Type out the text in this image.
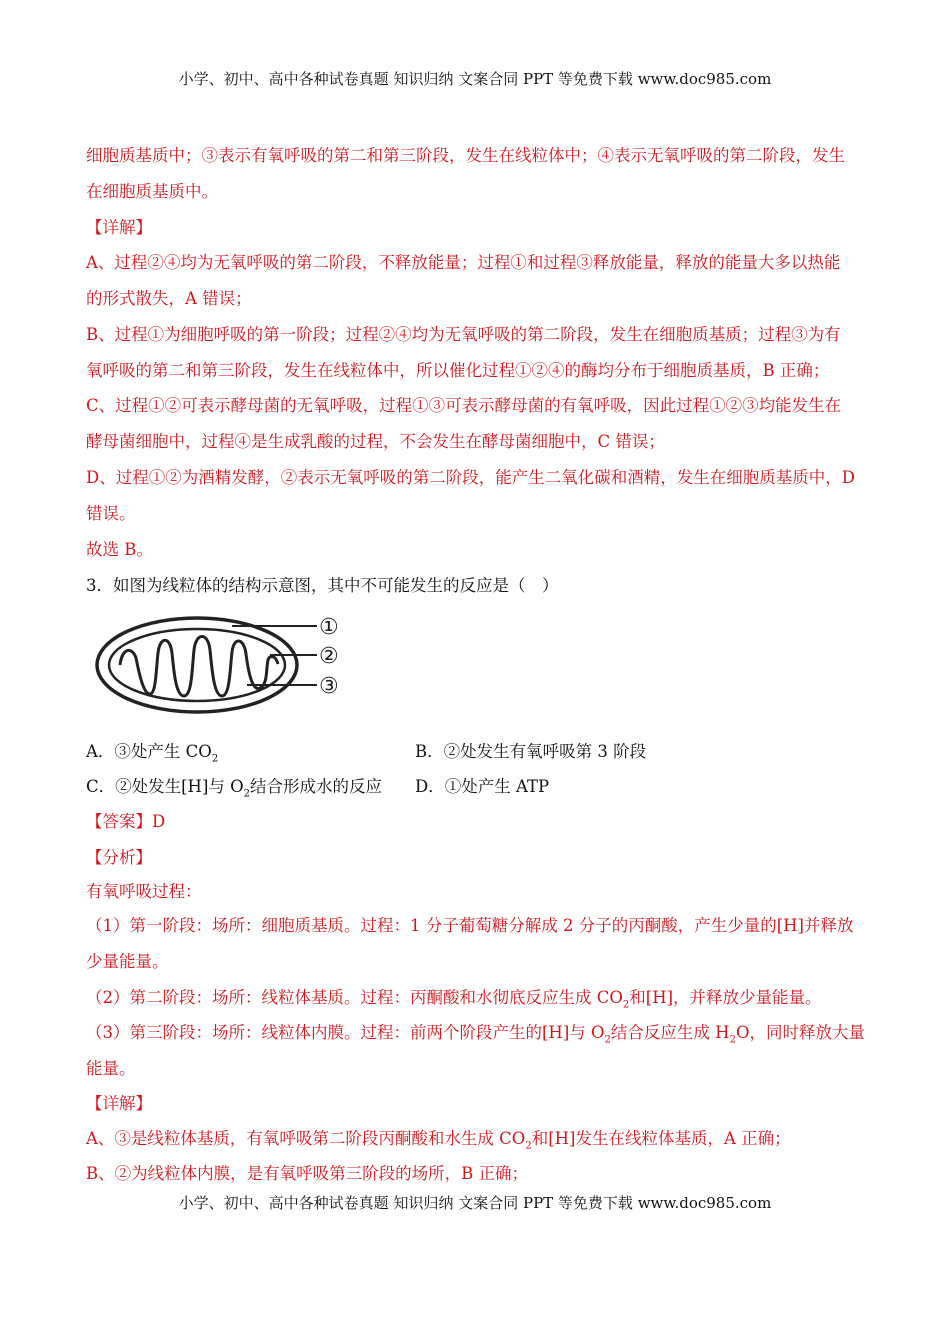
小学、初中、高中各种试卷真题 知识归纳 文案合同 PPT 等免费下载 www.doc985.com
细胞质基质中；③表示有氧呼吸的第二和第三阶段，发生在线粒体中；④表示无氧呼吸的第二阶段，发生
在细胞质基质中。
【详解】
A、过程②④均为无氧呼吸的第二阶段，不释放能量；过程①和过程③释放能量，释放的能量大多以热能
的形式散失，A 错误；
B、过程①为细胞呼吸的第一阶段；过程②④均为无氧呼吸的第二阶段，发生在细胞质基质；过程③为有
氧呼吸的第二和第三阶段，发生在线粒体中，所以催化过程①②④的酶均分布于细胞质基质，B 正确；
C、过程①②可表示酵母菌的无氧呼吸，过程①③可表示酵母菌的有氧呼吸，因此过程①②③均能发生在
酵母菌细胞中，过程④是生成乳酸的过程，不会发生在酵母菌细胞中，C 错误；
D、过程①②为酒精发酵，②表示无氧呼吸的第二阶段，能产生二氧化碳和酒精，发生在细胞质基质中，D
错误。
故选 B。
3．如图为线粒体的结构示意图，其中不可能发生的反应是（　）
①
②
③
A．③处产生 $CO_2$	B．②处发生有氧呼吸第 3 阶段
C．②处发生[H]与 $O_2$结合形成水的反应 D．①处产生 ATP
【答案】D
【分析】
有氧呼吸过程：
（1）第一阶段：场所：细胞质基质。过程：1 分子葡萄糖分解成 2 分子的丙酮酸，产生少量的[H]并释放
少量能量。
（2）第二阶段：场所：线粒体基质。过程：丙酮酸和水彻底反应生成 $CO_2$和[H]，并释放少量能量。
（3）第三阶段：场所：线粒体内膜。过程：前两个阶段产生的[H]与 $O_2$结合反应生成 $H_2O$，同时释放大量
能量。
【详解】
A、③是线粒体基质，有氧呼吸第二阶段丙酮酸和水生成 $CO_2$和[H]发生在线粒体基质，A 正确；
B、②为线粒体内膜，是有氧呼吸第三阶段的场所，B 正确；
小学、初中、高中各种试卷真题 知识归纳 文案合同 PPT 等免费下载 www.doc985.com
